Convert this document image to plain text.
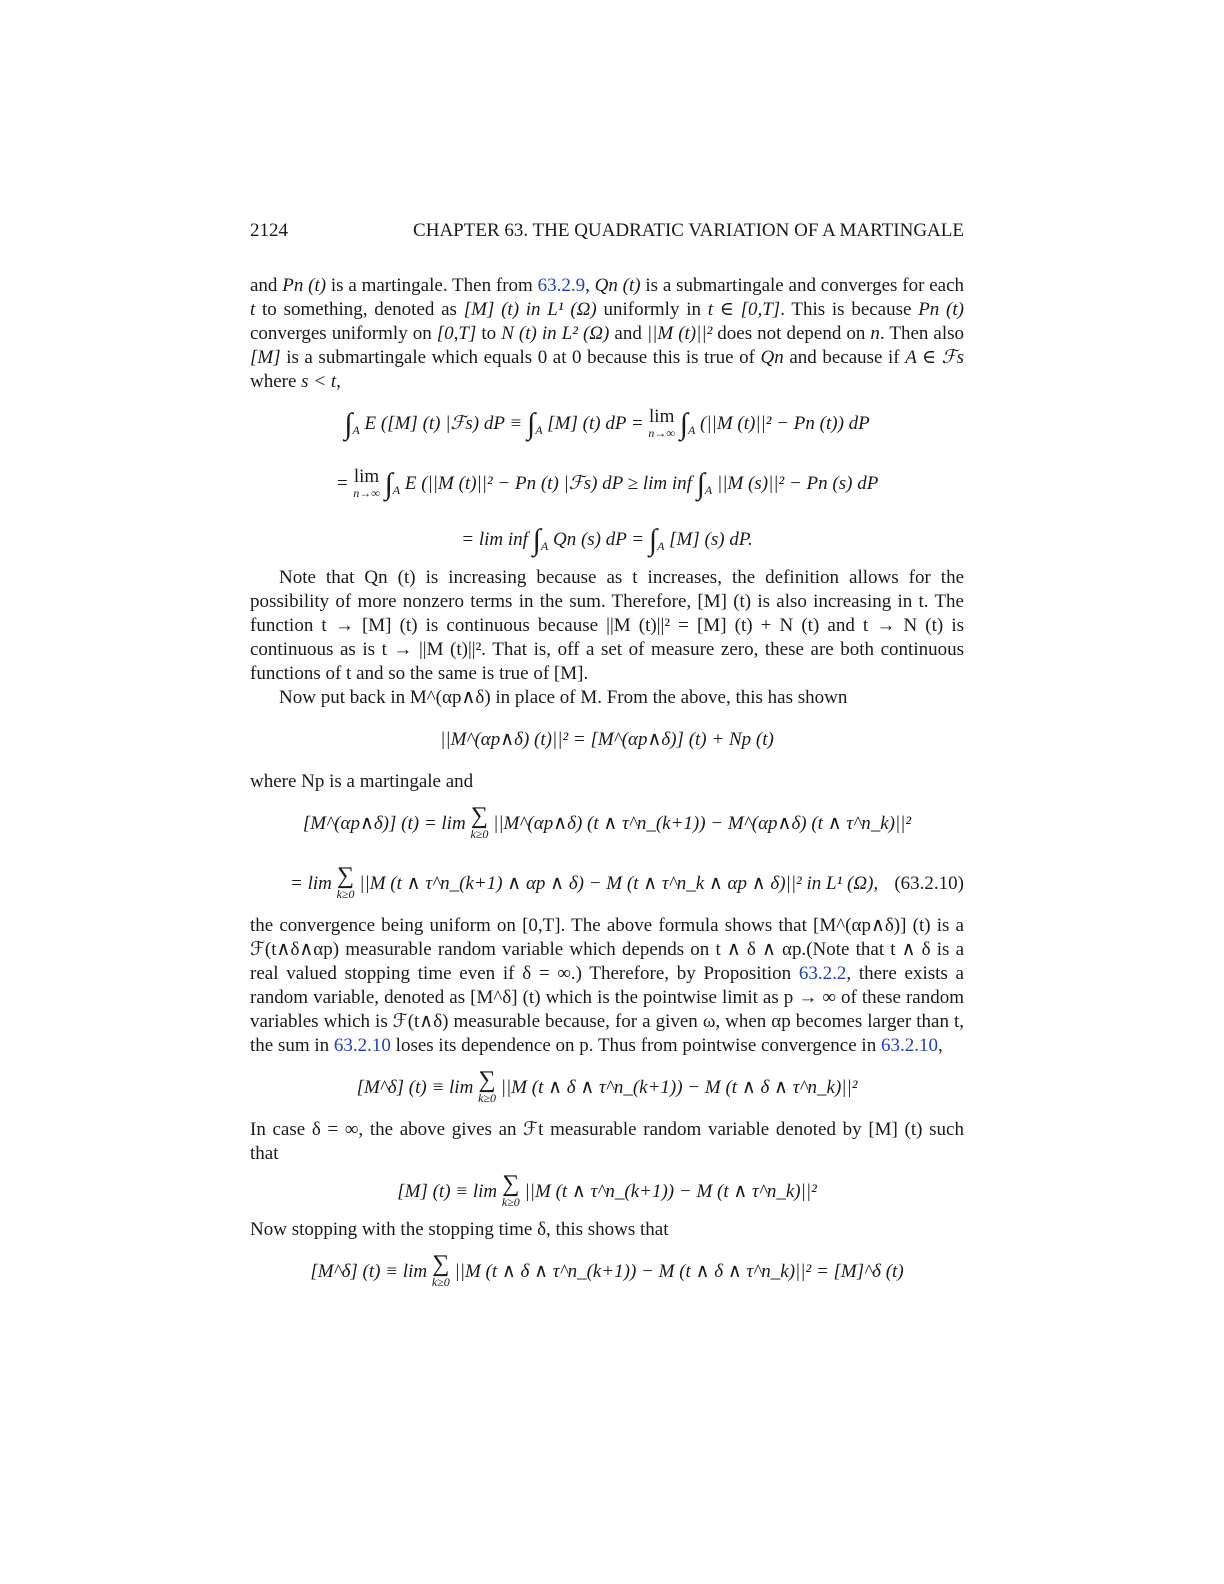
2124	CHAPTER 63. THE QUADRATIC VARIATION OF A MARTINGALE

and Pn (t) is a martingale. Then from 63.2.9, Qn (t) is a submartingale and converges for each t to something, denoted as [M] (t) in L¹ (Ω) uniformly in t ∈ [0,T]. This is because Pn (t) converges uniformly on [0,T] to N (t) in L² (Ω) and ||M (t)||² does not depend on n. Then also [M] is a submartingale which equals 0 at 0 because this is true of Qn and because if A ∈ ℱs where s < t,

$\int_A$ E ([M] (t) |ℱs) dP ≡ $\int_A$ [M] (t) dP = lim
n→∞ $\int_A$ (||M (t)||² − Pn (t)) dP
= lim
n→∞ $\int_A$ E (||M (t)||² − Pn (t) |ℱs) dP ≥ lim inf $\int_A$ ||M (s)||² − Pn (s) dP
= lim inf $\int_A$ Qn (s) dP = $\int_A$ [M] (s) dP.

Note that Qn (t) is increasing because as t increases, the definition allows for the possibility of more nonzero terms in the sum. Therefore, [M] (t) is also increasing in t. The function t → [M] (t) is continuous because ||M (t)||² = [M] (t) + N (t) and t → N (t) is continuous as is t → ||M (t)||². That is, off a set of measure zero, these are both continuous functions of t and so the same is true of [M].

Now put back in M^(αp∧δ) in place of M. From the above, this has shown

||M^(αp∧δ) (t)||² = [M^(αp∧δ)] (t) + Np (t)

where Np is a martingale and

[M^(αp∧δ)] (t) = lim ∑
k≥0 ||M^(αp∧δ) (t ∧ τ^n_(k+1)) − M^(αp∧δ) (t ∧ τ^n_k)||²
= lim ∑
k≥0 ||M (t ∧ τ^n_(k+1) ∧ αp ∧ δ) − M (t ∧ τ^n_k ∧ αp ∧ δ)||² in L¹ (Ω), (63.2.10)

the convergence being uniform on [0,T]. The above formula shows that [M^(αp∧δ)] (t) is a ℱ(t∧δ∧αp) measurable random variable which depends on t ∧ δ ∧ αp.(Note that t ∧ δ is a real valued stopping time even if δ = ∞.) Therefore, by Proposition 63.2.2, there exists a random variable, denoted as [M^δ] (t) which is the pointwise limit as p → ∞ of these random variables which is ℱ(t∧δ) measurable because, for a given ω, when αp becomes larger than t, the sum in 63.2.10 loses its dependence on p. Thus from pointwise convergence in 63.2.10,

[M^δ] (t) ≡ lim ∑
k≥0 ||M (t ∧ δ ∧ τ^n_(k+1)) − M (t ∧ δ ∧ τ^n_k)||²

In case δ = ∞, the above gives an ℱt measurable random variable denoted by [M] (t) such that

[M] (t) ≡ lim ∑
k≥0 ||M (t ∧ τ^n_(k+1)) − M (t ∧ τ^n_k)||²

Now stopping with the stopping time δ, this shows that

[M^δ] (t) ≡ lim ∑
k≥0 ||M (t ∧ δ ∧ τ^n_(k+1)) − M (t ∧ δ ∧ τ^n_k)||² = [M]^δ (t)
